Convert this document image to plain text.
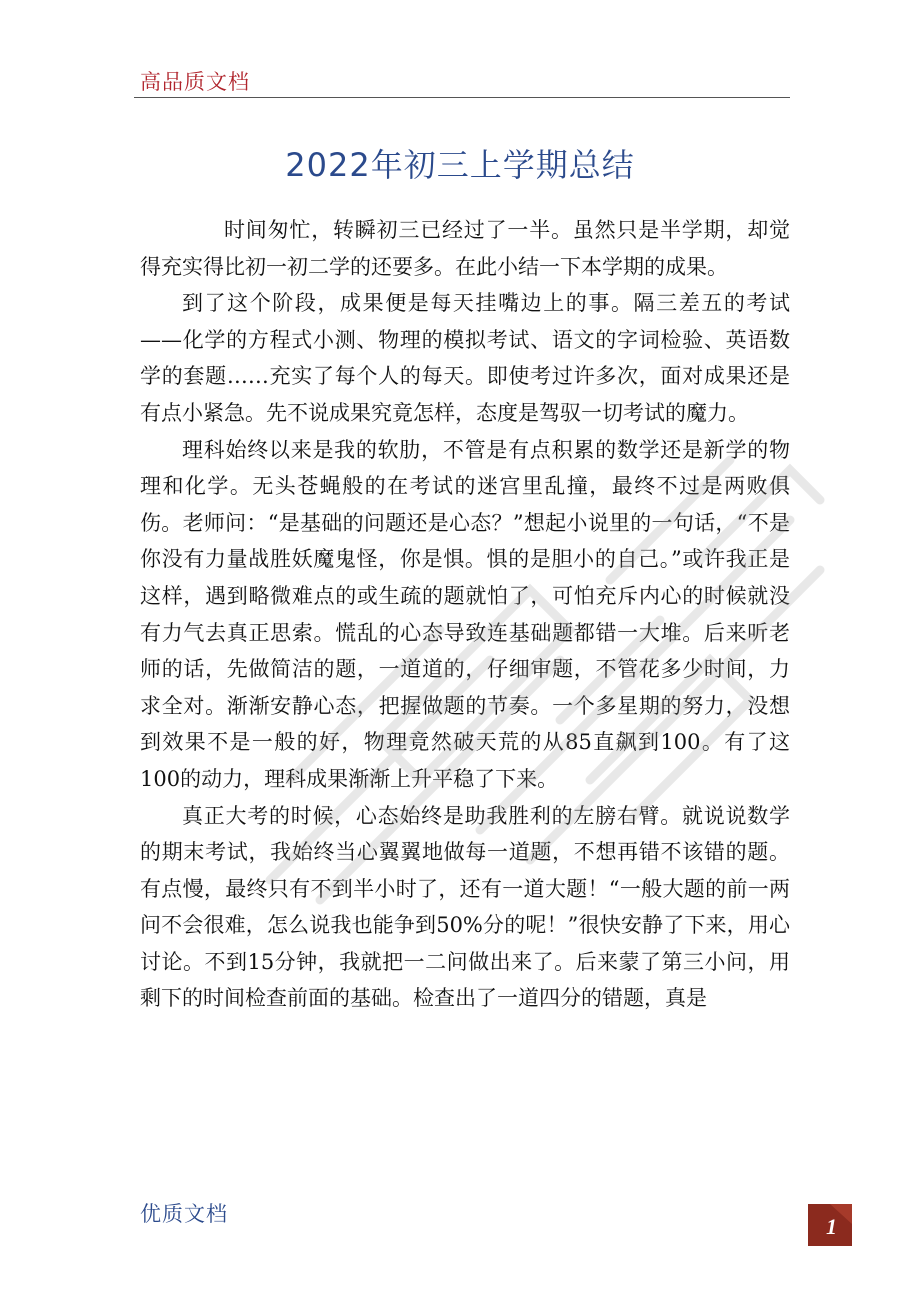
高品质文档
2022年初三上学期总结

时间匆忙，转瞬初三已经过了一半。虽然只是半学期，却觉得充实得比初一初二学的还要多。在此小结一下本学期的成果。

到了这个阶段，成果便是每天挂嘴边上的事。隔三差五的考试——化学的方程式小测、物理的模拟考试、语文的字词检验、英语数学的套题……充实了每个人的每天。即使考过许多次，面对成果还是有点小紧急。先不说成果究竟怎样，态度是驾驭一切考试的魔力。

理科始终以来是我的软肋，不管是有点积累的数学还是新学的物理和化学。无头苍蝇般的在考试的迷宫里乱撞，最终不过是两败俱伤。老师问：“是基础的问题还是心态？”想起小说里的一句话，“不是你没有力量战胜妖魔鬼怪，你是惧。惧的是胆小的自己。”或许我正是这样，遇到略微难点的或生疏的题就怕了，可怕充斥内心的时候就没有力气去真正思索。慌乱的心态导致连基础题都错一大堆。后来听老师的话，先做简洁的题，一道道的，仔细审题，不管花多少时间，力求全对。渐渐安静心态，把握做题的节奏。一个多星期的努力，没想到效果不是一般的好，物理竟然破天荒的从85直飙到100。有了这100的动力，理科成果渐渐上升平稳了下来。

真正大考的时候，心态始终是助我胜利的左膀右臂。就说说数学的期末考试，我始终当心翼翼地做每一道题，不想再错不该错的题。有点慢，最终只有不到半小时了，还有一道大题！“一般大题的前一两问不会很难，怎么说我也能争到50%分的呢！”很快安静了下来，用心讨论。不到15分钟，我就把一二问做出来了。后来蒙了第三小问，用剩下的时间检查前面的基础。检查出了一道四分的错题，真是

优质文档	1
